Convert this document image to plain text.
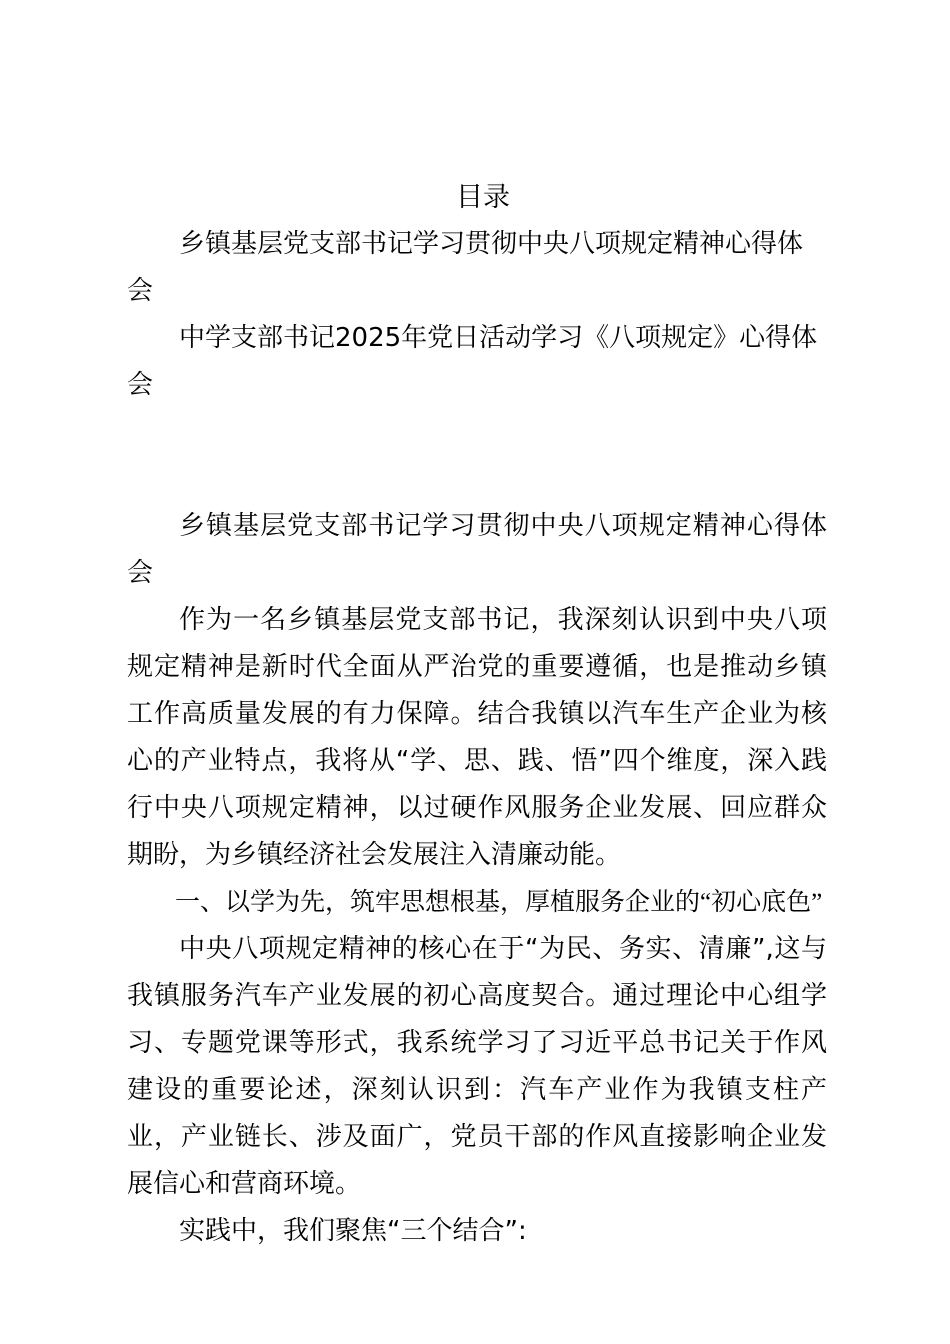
目录

乡镇基层党支部书记学习贯彻中央八项规定精神心得体会

中学支部书记2025年党日活动学习《八项规定》心得体会

乡镇基层党支部书记学习贯彻中央八项规定精神心得体会

作为一名乡镇基层党支部书记，我深刻认识到中央八项规定精神是新时代全面从严治党的重要遵循，也是推动乡镇工作高质量发展的有力保障。结合我镇以汽车生产企业为核心的产业特点，我将从“学、思、践、悟”四个维度，深入践行中央八项规定精神，以过硬作风服务企业发展、回应群众期盼，为乡镇经济社会发展注入清廉动能。

一、以学为先，筑牢思想根基，厚植服务企业的“初心底色”

中央八项规定精神的核心在于“为民、务实、清廉”,这与我镇服务汽车产业发展的初心高度契合。通过理论中心组学习、专题党课等形式，我系统学习了习近平总书记关于作风建设的重要论述，深刻认识到：汽车产业作为我镇支柱产业，产业链长、涉及面广，党员干部的作风直接影响企业发展信心和营商环境。

实践中，我们聚焦“三个结合”:
